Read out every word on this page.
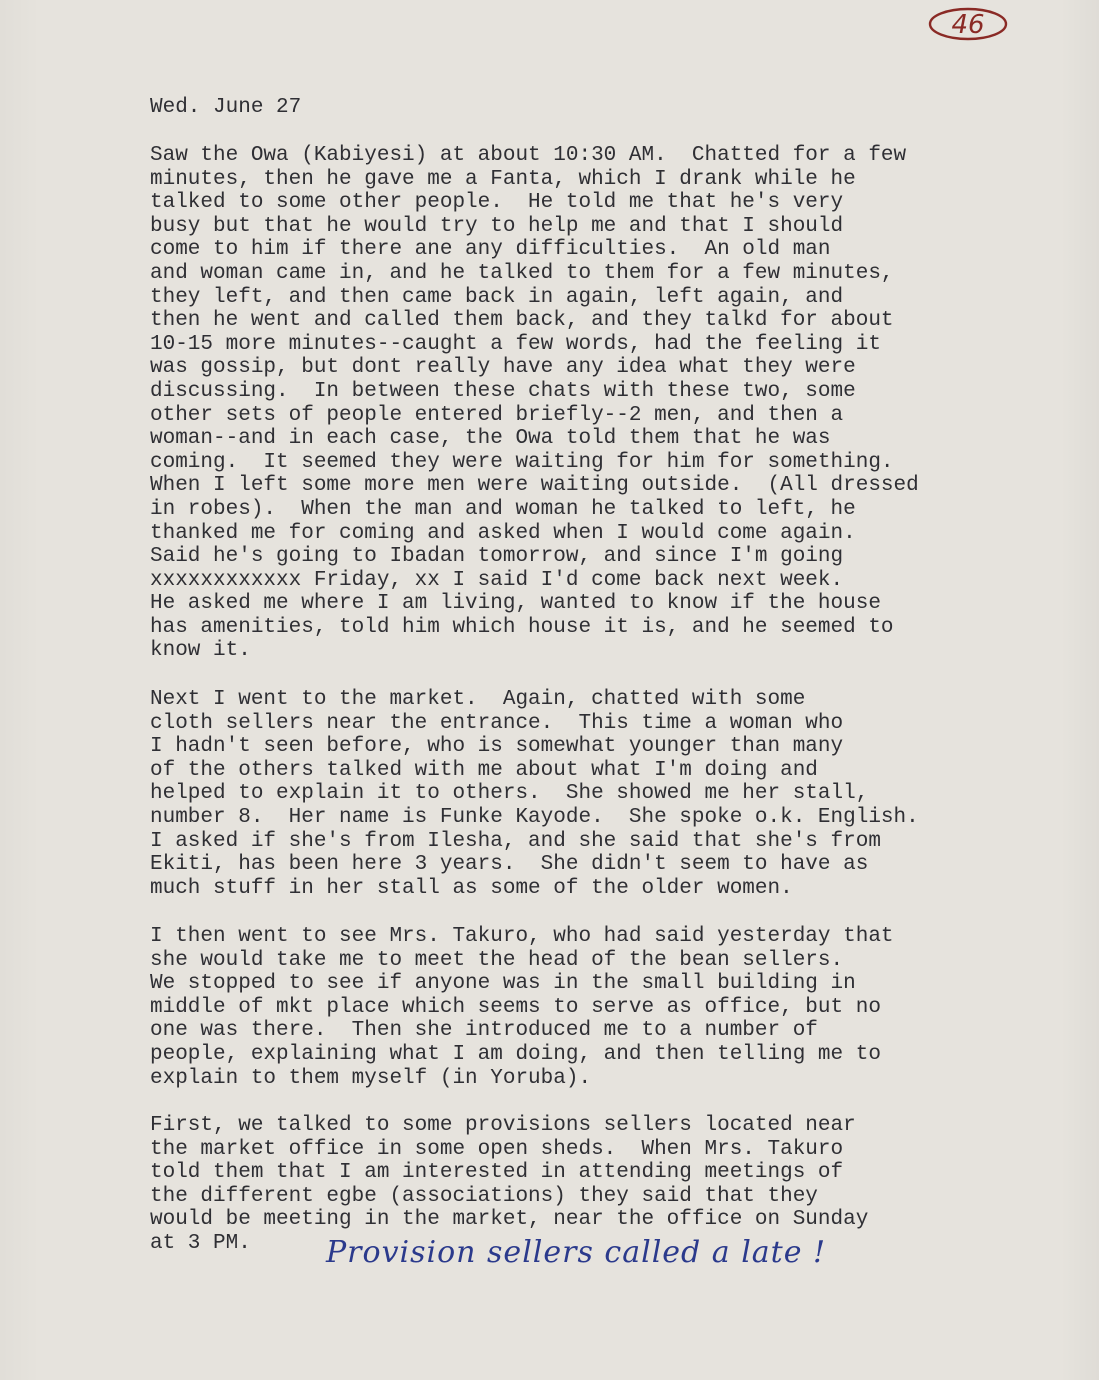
46
Wed. June 27
Saw the Owa (Kabiyesi) at about 10:30 AM.  Chatted for a few
minutes, then he gave me a Fanta, which I drank while he
talked to some other people.  He told me that he's very
busy but that he would try to help me and that I should
come to him if there ane any difficulties.  An old man
and woman came in, and he talked to them for a few minutes,
they left, and then came back in again, left again, and
then he went and called them back, and they talkd for about
10-15 more minutes--caught a few words, had the feeling it
was gossip, but dont really have any idea what they were
discussing.  In between these chats with these two, some
other sets of people entered briefly--2 men, and then a
woman--and in each case, the Owa told them that he was
coming.  It seemed they were waiting for him for something.
When I left some more men were waiting outside.  (All dressed
in robes).  When the man and woman he talked to left, he
thanked me for coming and asked when I would come again.
Said he's going to Ibadan tomorrow, and since I'm going
xxxxxxxxxxxx Friday, xx I said I'd come back next week.
He asked me where I am living, wanted to know if the house
has amenities, told him which house it is, and he seemed to
know it.
Next I went to the market.  Again, chatted with some
cloth sellers near the entrance.  This time a woman who
I hadn't seen before, who is somewhat younger than many
of the others talked with me about what I'm doing and
helped to explain it to others.  She showed me her stall,
number 8.  Her name is Funke Kayode.  She spoke o.k. English.
I asked if she's from Ilesha, and she said that she's from
Ekiti, has been here 3 years.  She didn't seem to have as
much stuff in her stall as some of the older women.
I then went to see Mrs. Takuro, who had said yesterday that
she would take me to meet the head of the bean sellers.
We stopped to see if anyone was in the small building in
middle of mkt place which seems to serve as office, but no
one was there.  Then she introduced me to a number of
people, explaining what I am doing, and then telling me to
explain to them myself (in Yoruba).
First, we talked to some provisions sellers located near
the market office in some open sheds.  When Mrs. Takuro
told them that I am interested in attending meetings of
the different egbe (associations) they said that they
would be meeting in the market, near the office on Sunday
at 3 PM.	Provision sellers called a late !
